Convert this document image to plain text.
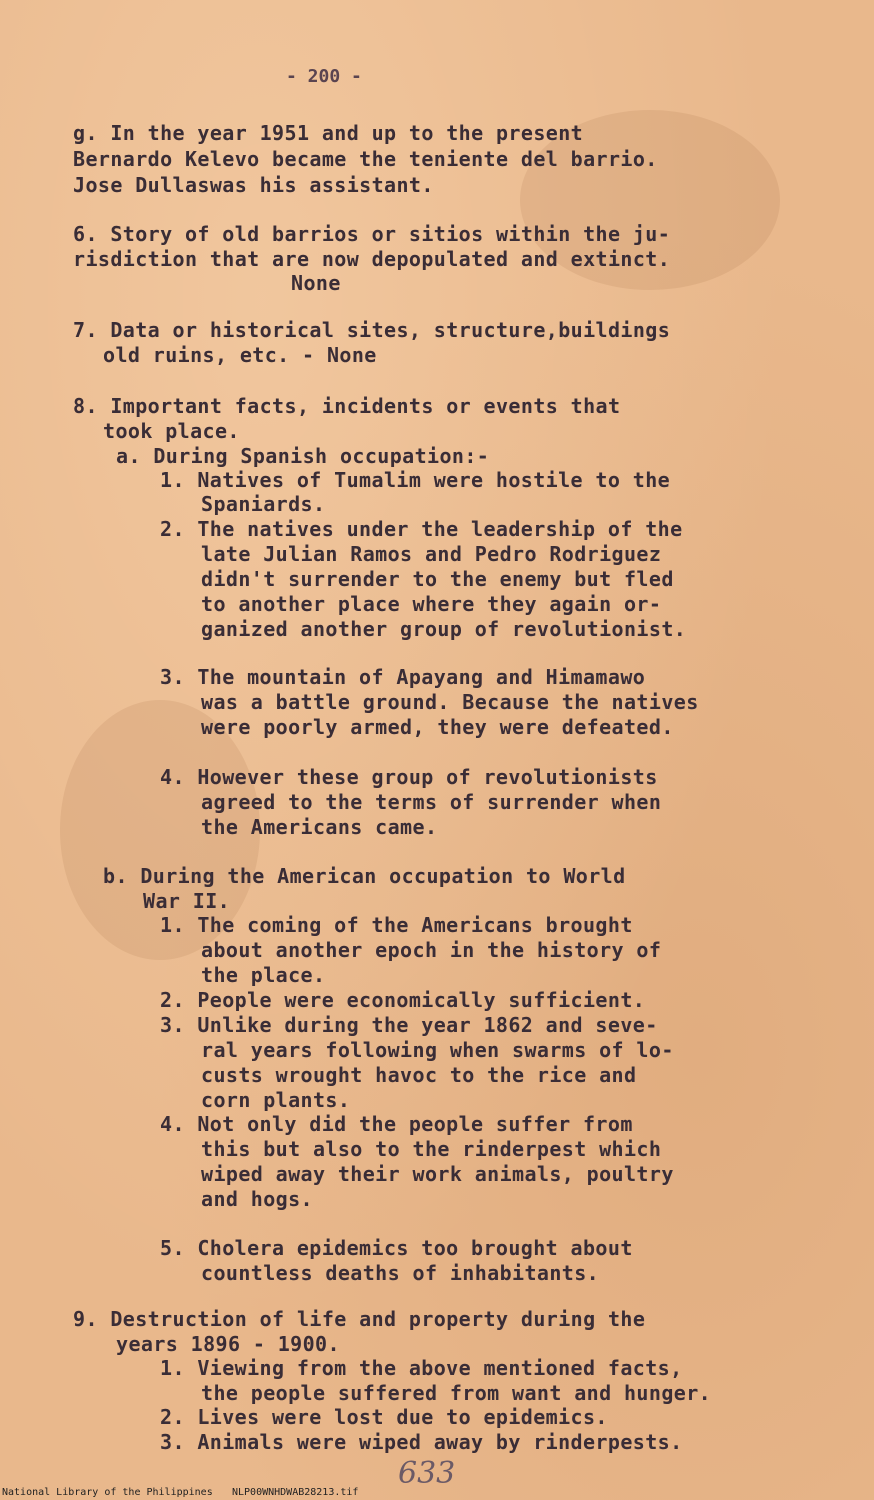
- 200 -
g. In the year 1951 and up to the present
Bernardo Kelevo became the teniente del barrio.
Jose Dullaswas his assistant.
6. Story of old barrios or sitios within the ju-
risdiction that are now depopulated and extinct.
None
7. Data or historical sites, structure,buildings
old ruins, etc. - None
8. Important facts, incidents or events that
took place.
a. During Spanish occupation:-
1. Natives of Tumalim were hostile to the
Spaniards.
2. The natives under the leadership of the
late Julian Ramos and Pedro Rodriguez
didn't surrender to the enemy but fled
to another place where they again or-
ganized another group of revolutionist.
3. The mountain of Apayang and Himamawo
was a battle ground. Because the natives
were poorly armed, they were defeated.
4. However these group of revolutionists
agreed to the terms of surrender when
the Americans came.
b. During the American occupation to World
War II.
1. The coming of the Americans brought
about another epoch in the history of
the place.
2. People were economically sufficient.
3. Unlike during the year 1862 and seve-
ral years following when swarms of lo-
custs wrought havoc to the rice and
corn plants.
4. Not only did the people suffer from
this but also to the rinderpest which
wiped away their work animals, poultry
and hogs.
5. Cholera epidemics too brought about
countless deaths of inhabitants.
9. Destruction of life and property during the
years 1896 - 1900.
1. Viewing from the above mentioned facts,
the people suffered from want and hunger.
2. Lives were lost due to epidemics.
3. Animals were wiped away by rinderpests.
633
National Library of the Philippines NLP00WNHDWAB28213.tif
